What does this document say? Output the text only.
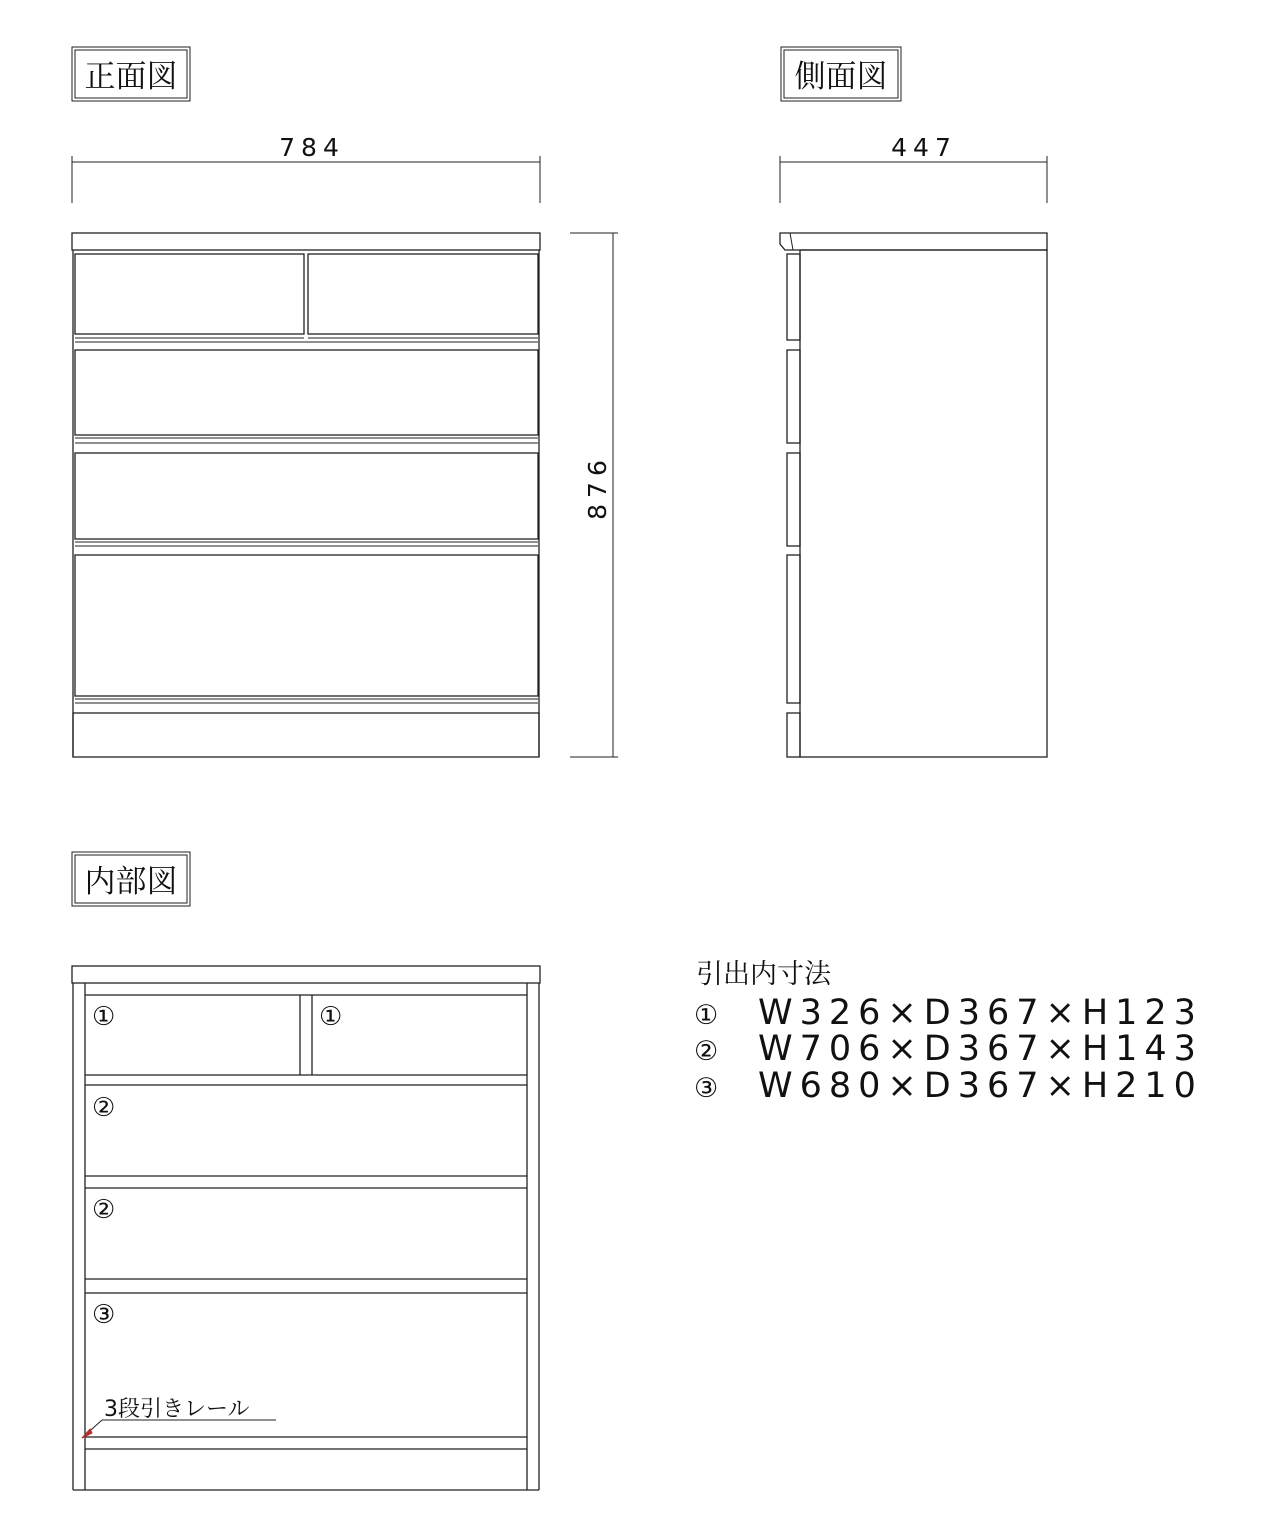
正面図
784
876
側面図
447
内部図
①	①
②
②
③
3段引きレール
引出内寸法
① W326×D367×H123
② W706×D367×H143
③ W680×D367×H210
